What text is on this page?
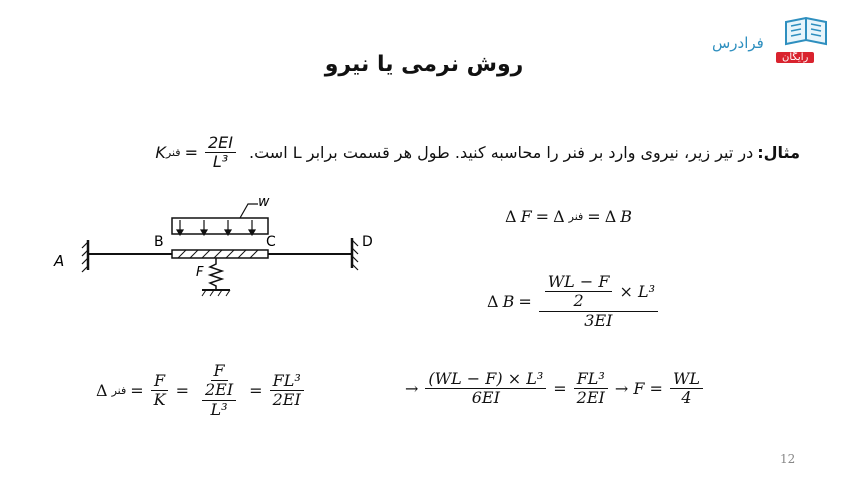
فرادرس
رایگان
روش نرمی یا نیرو
مثال:
در تیر زیر، نیروی وارد بر فنر را محاسبه کنید. طول هر قسمت برابر L است.
K فنر = $\frac{2EI}{\text{L³}}$
A
B	C	D
F
w
Δ F = Δ فنر = Δ B
Δ $B = \frac{\frac{WL - F}{2} \times L^3}{3EI}$
Δ فنر = $\frac{F}{K}$ =
F
$\frac{2EI}{\text{L³}} = \frac{\text{FL³}}{2EI}$	→ $\frac{\text{(WL − F) × L³}}{6EI} = \frac{\text{FL³}}{2EI} \to F = \frac{WL}{4}$
12
